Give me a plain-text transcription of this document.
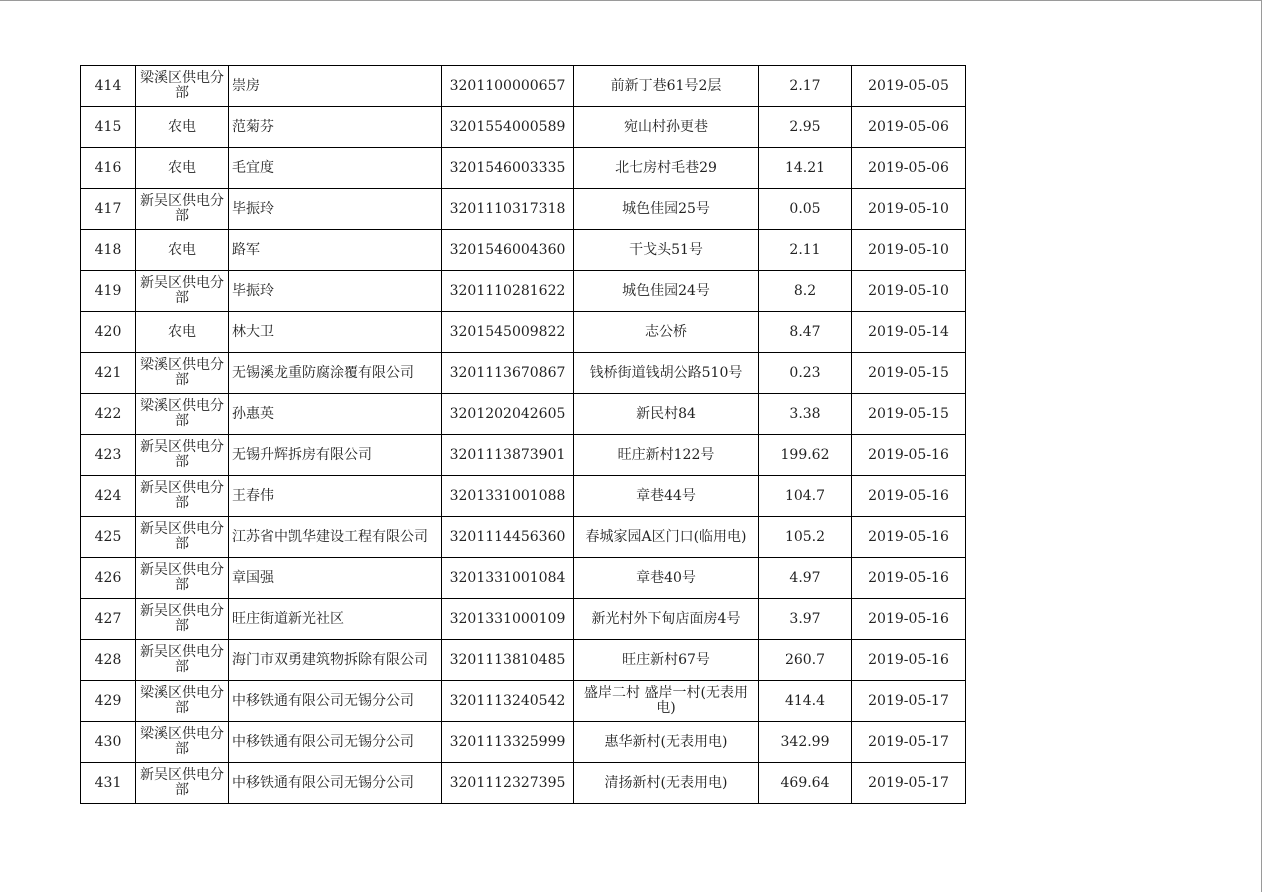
414	梁溪区供电分部	崇房	3201100000657	前新丁巷61号2层	2.17	2019-05-05
415	农电	范菊芬	3201554000589	宛山村孙更巷	2.95	2019-05-06
416	农电	毛宜度	3201546003335	北七房村毛巷29	14.21	2019-05-06
417	新吴区供电分部	毕振玲	3201110317318	城色佳园25号	0.05	2019-05-10
418	农电	路军	3201546004360	干戈头51号	2.11	2019-05-10
419	新吴区供电分部	毕振玲	3201110281622	城色佳园24号	8.2	2019-05-10
420	农电	林大卫	3201545009822	志公桥	8.47	2019-05-14
421	梁溪区供电分部	无锡溪龙重防腐涂覆有限公司	3201113670867	钱桥街道钱胡公路510号	0.23	2019-05-15
422	梁溪区供电分部	孙惠英	3201202042605	新民村84	3.38	2019-05-15
423	新吴区供电分部	无锡升辉拆房有限公司	3201113873901	旺庄新村122号	199.62	2019-05-16
424	新吴区供电分部	王春伟	3201331001088	章巷44号	104.7	2019-05-16
425	新吴区供电分部	江苏省中凯华建设工程有限公司	3201114456360	春城家园A区门口(临用电)	105.2	2019-05-16
426	新吴区供电分部	章国强	3201331001084	章巷40号	4.97	2019-05-16
427	新吴区供电分部	旺庄街道新光社区	3201331000109	新光村外下甸店面房4号	3.97	2019-05-16
428	新吴区供电分部	海门市双勇建筑物拆除有限公司	3201113810485	旺庄新村67号	260.7	2019-05-16
429	梁溪区供电分部	中移铁通有限公司无锡分公司	3201113240542	盛岸二村 盛岸一村(无表用电)	414.4	2019-05-17
430	梁溪区供电分部	中移铁通有限公司无锡分公司	3201113325999	惠华新村(无表用电)	342.99	2019-05-17
431	新吴区供电分部	中移铁通有限公司无锡分公司	3201112327395	清扬新村(无表用电)	469.64	2019-05-17
